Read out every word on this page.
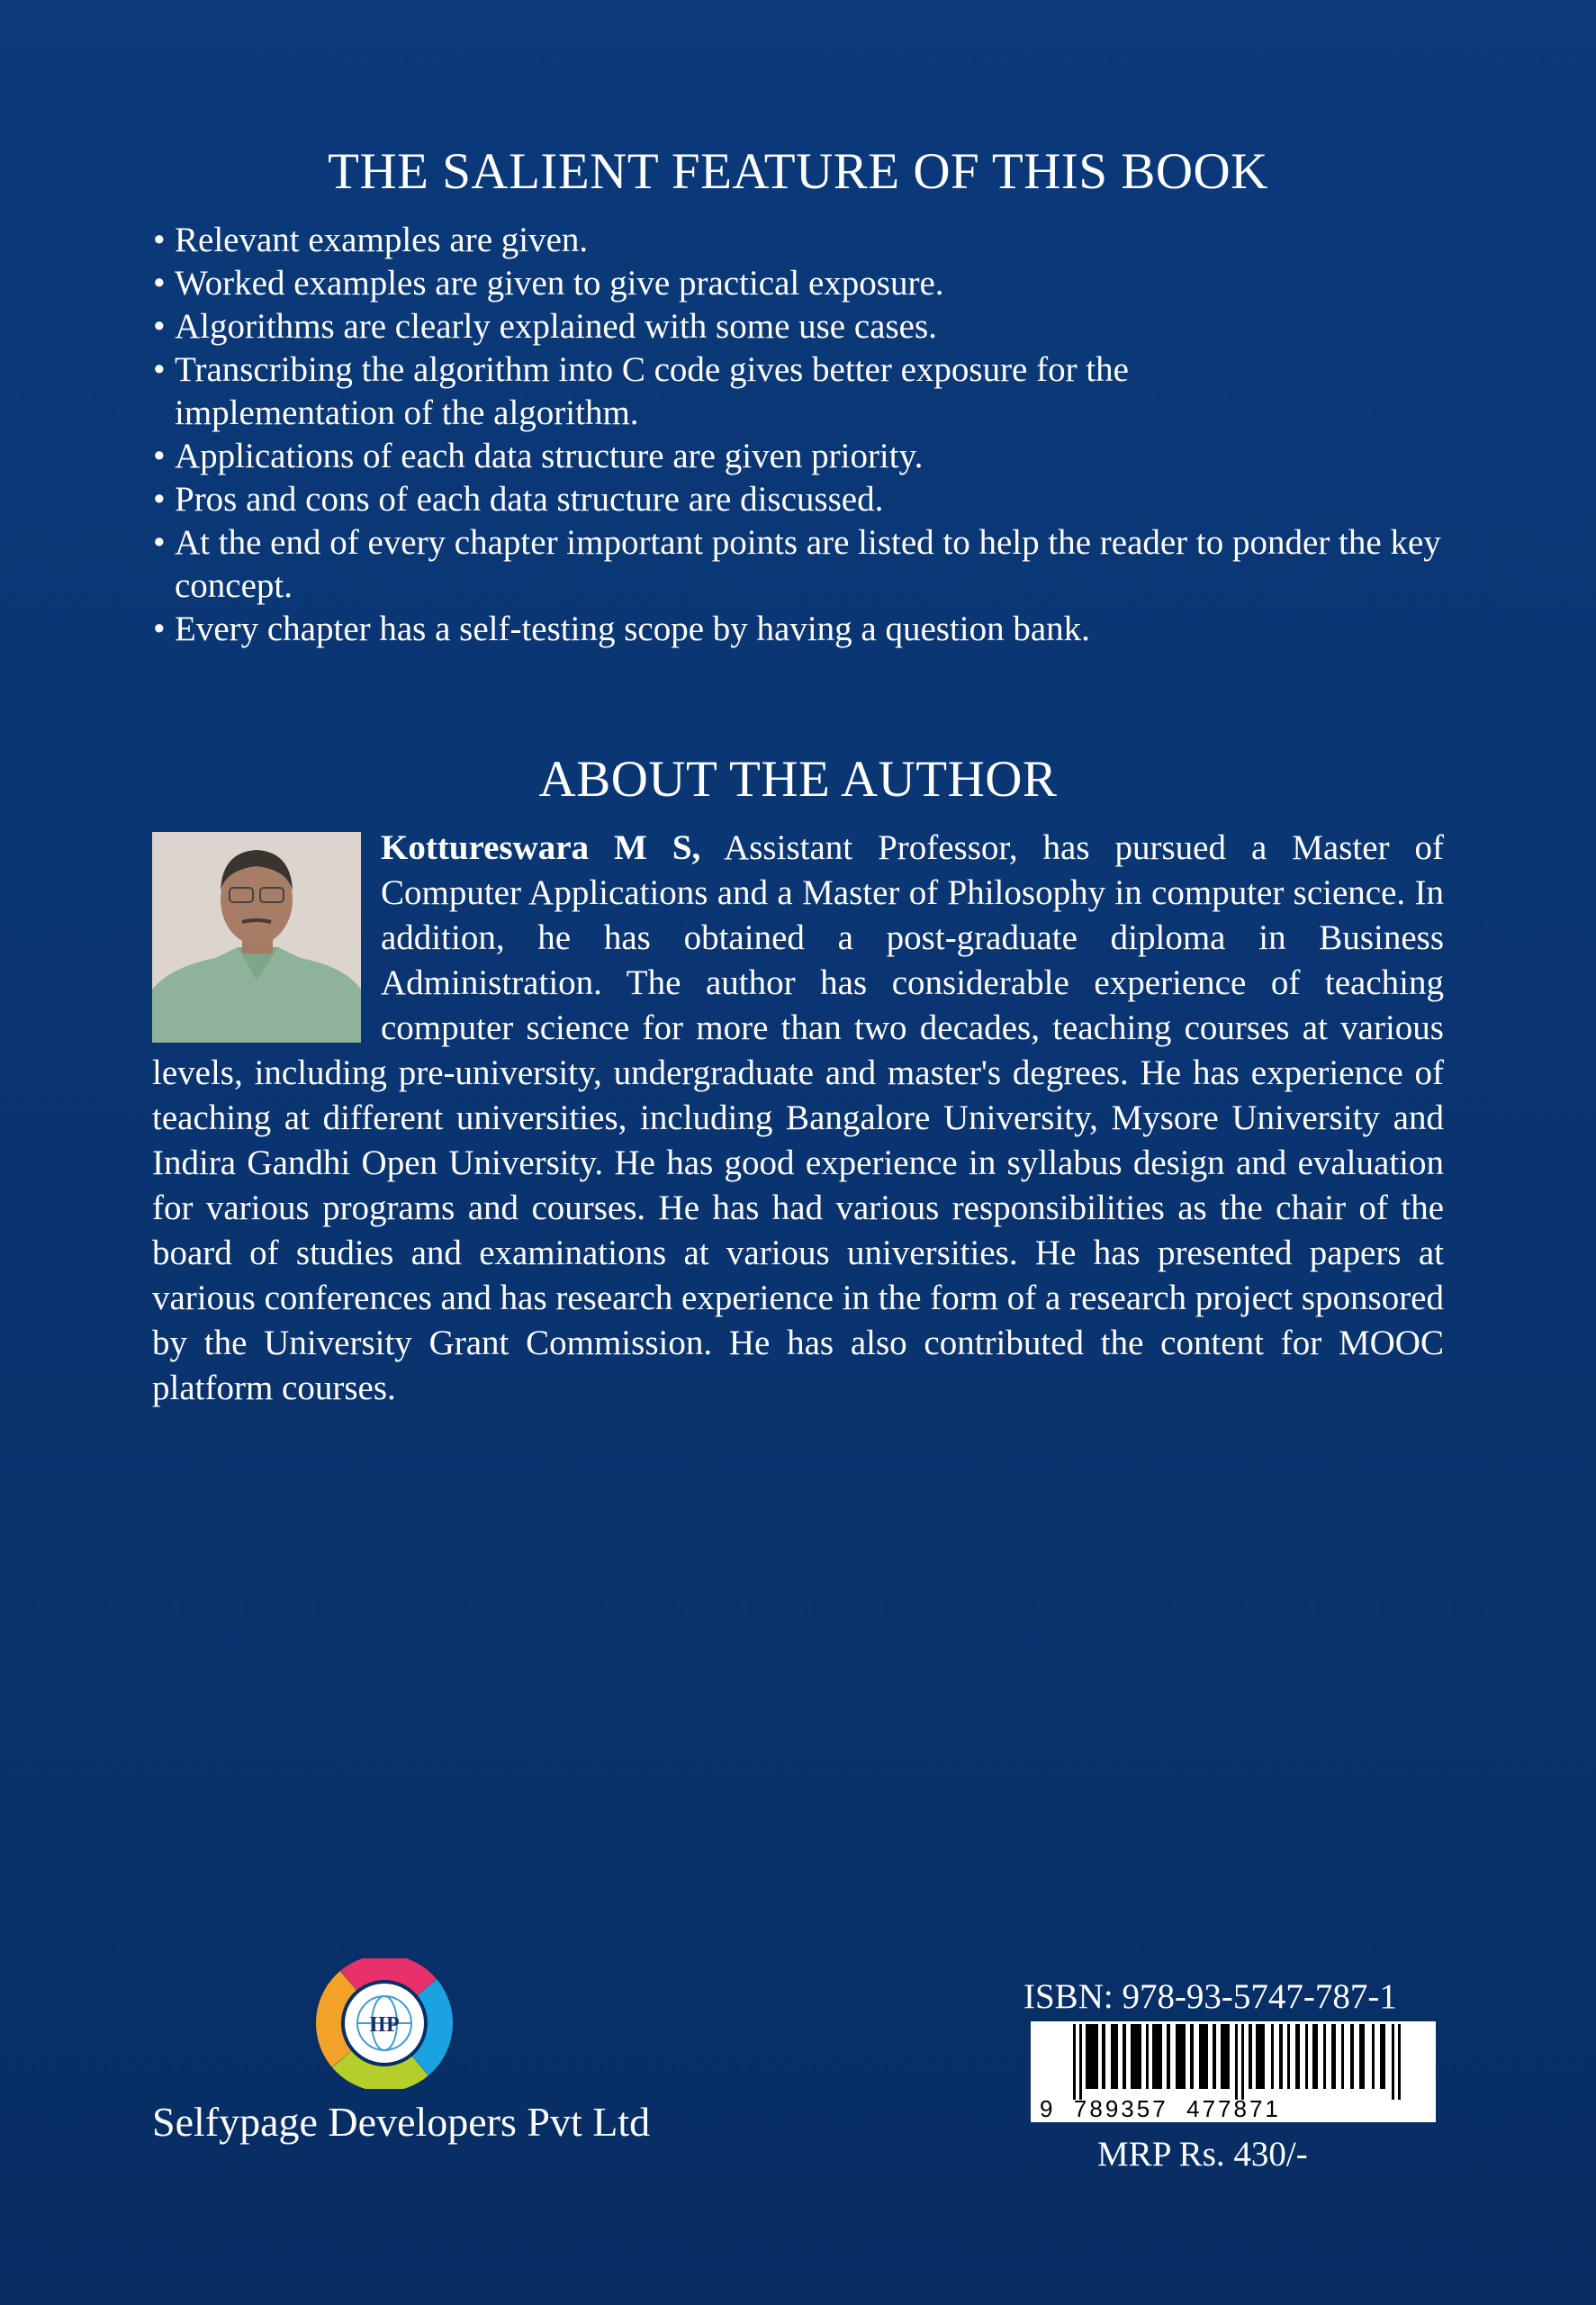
THE SALIENT FEATURE OF THIS BOOK
• Relevant examples are given.
• Worked examples are given to give practical exposure.
• Algorithms are clearly explained with some use cases.
• Transcribing the algorithm into C code gives better exposure for the implementation of the algorithm.
• Applications of each data structure are given priority.
• Pros and cons of each data structure are discussed.
• At the end of every chapter important points are listed to help the reader to ponder the key concept.
• Every chapter has a self-testing scope by having a question bank.
ABOUT THE AUTHOR

Kottureswara M S, Assistant Professor, has pursued a Master of Computer Applications and a Master of Philosophy in computer science. In addition, he has obtained a post-graduate diploma in Business Administration. The author has considerable experience of teaching computer science for more than two decades, teaching courses at various levels, including pre-university, undergraduate and master's degrees. He has experience of teaching at different universities, including Bangalore University, Mysore University and Indira Gandhi Open University. He has good experience in syllabus design and evaluation for various programs and courses. He has had various responsibilities as the chair of the board of studies and examinations at various universities. He has presented papers at various conferences and has research experience in the form of a research project sponsored by the University Grant Commission. He has also contributed the content for MOOC platform courses.

IIP
Selfypage Developers Pvt Ltd
ISBN: 978-93-5747-787-1
9  789357  477871
MRP Rs. 430/-
